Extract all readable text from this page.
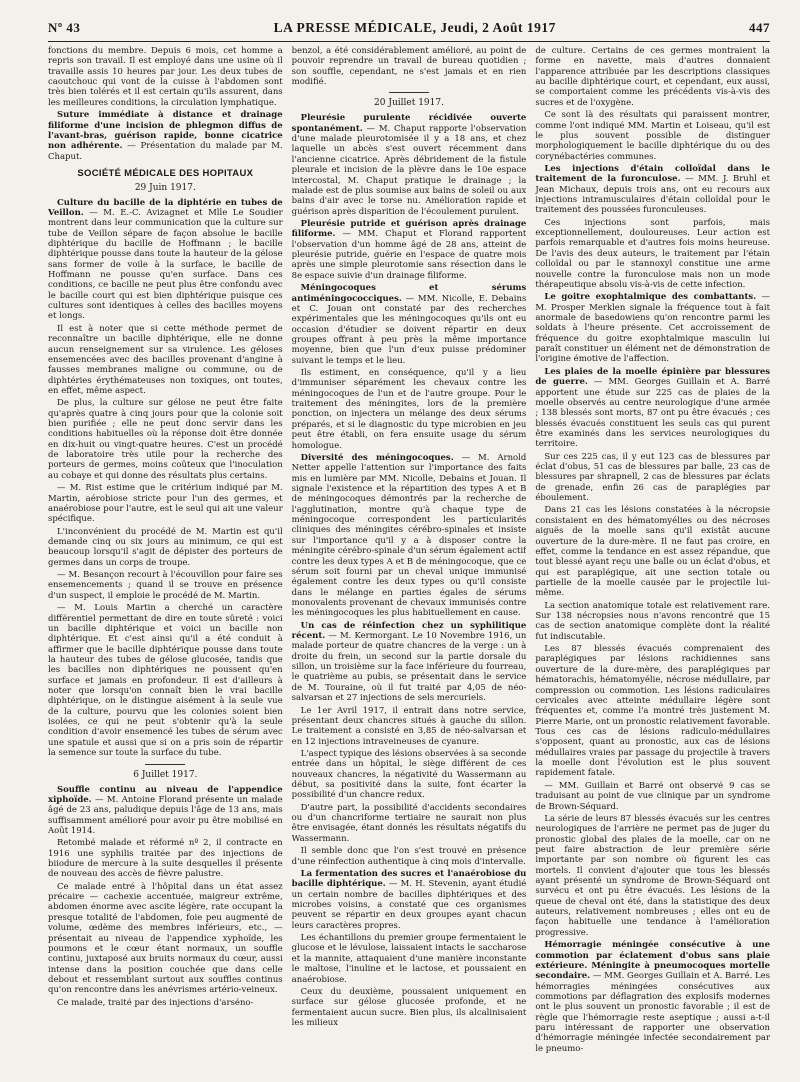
Nº 43	LA PRESSE MÉDICALE, Jeudi, 2 Août 1917	447

fonctions du membre. Depuis 6 mois, cet homme a repris son travail. Il est employé dans une usine où il travaille assis 10 heures par jour. Les deux tubes de caoutchouc qui vont de la cuisse à l'abdomen sont très bien tolérés et il est certain qu'ils assurent, dans les meilleures conditions, la circulation lymphatique.

Suture immédiate à distance et drainage filiforme d'une incision de phlegmon diffus de l'avant-bras, guérison rapide, bonne cicatrice non adhérente. — Présentation du malade par M. Chaput.

SOCIÉTÉ MÉDICALE DES HOPITAUX
29 Juin 1917.

Culture du bacille de la diphtérie en tubes de Veillon. — M. E.-C. Avizagnet et Mlle Le Soudier montrent dans leur communication que la culture sur tube de Veillon sépare de façon absolue le bacille diphtérique du bacille de Hoffmann ; le bacille diphtérique pousse dans toute la hauteur de la gélose sans former de voile à la surface, le bacille de Hoffmann ne pousse qu'en surface. Dans ces conditions, ce bacille ne peut plus être confondu avec le bacille court qui est bien diphtérique puisque ces cultures sont identiques à celles des bacilles moyens et longs.

Il est à noter que si cette méthode permet de reconnaître un bacille diphtérique, elle ne donne aucun renseignement sur sa virulence. Les géloses ensemencées avec des bacilles provenant d'angine à fausses membranes maligne ou commune, ou de diphtéries érythémateuses non toxiques, ont toutes, en effet, même aspect.

De plus, la culture sur gélose ne peut être faite qu'après quatre à cinq jours pour que la colonie soit bien purifiée ; elle ne peut donc servir dans les conditions habituelles où la réponse doit être donnée en dix-huit ou vingt-quatre heures. C'est un procédé de laboratoire très utile pour la recherche des porteurs de germes, moins coûteux que l'inoculation au cobaye et qui donne des résultats plus certains.

— M. Rist estime que le critérium indiqué par M. Martin, aérobiose stricte pour l'un des germes, et anaérobiose pour l'autre, est le seul qui ait une valeur spécifique.

L'inconvénient du procédé de M. Martin est qu'il demande cinq ou six jours au minimum, ce qui est beaucoup lorsqu'il s'agit de dépister des porteurs de germes dans un corps de troupe.

— M. Besançon recourt à l'écouvillon pour faire ses ensemencements ; quand il se trouve en présence d'un suspect, il emploie le procédé de M. Martin.

— M. Louis Martin a cherché un caractère différentiel permettant de dire en toute sûreté : voici un bacille diphtérique et voici un bacille non diphtérique. Et c'est ainsi qu'il a été conduit à affirmer que le bacille diphtérique pousse dans toute la hauteur des tubes de gélose glucosée, tandis que les bacilles non diphtériques ne poussent qu'en surface et jamais en profondeur. Il est d'ailleurs à noter que lorsqu'on connaît bien le vrai bacille diphtérique, on le distingue aisément à la seule vue de la culture, pourvu que les colonies soient bien isolées, ce qui ne peut s'obtenir qu'à la seule condition d'avoir ensemencé les tubes de sérum avec une spatule et aussi que si on a pris soin de répartir la semence sur toute la surface du tube.

6 Juillet 1917.

Souffle continu au niveau de l'appendice xiphoïde. — M. Antoine Florand présente un malade âgé de 23 ans, paludique depuis l'âge de 13 ans, mais suffisamment amélioré pour avoir pu être mobilisé en Août 1914.

Retombé malade et réformé nº 2, il contracte en 1916 une syphilis traitée par des injections de biiodure de mercure à la suite desquelles il présente de nouveau des accès de fièvre palustre.

Ce malade entré à l'hôpital dans un état assez précaire — cachexie accentuée, maigreur extrême, abdomen énorme avec ascite légère, rate occupant la presque totalité de l'abdomen, foie peu augmenté de volume, œdème des membres inférieurs, etc., — présentait au niveau de l'appendice xyphoïde, les poumons et le cœur étant normaux, un souffle continu, juxtaposé aux bruits normaux du cœur, aussi intense dans la position couchée que dans celle debout et ressemblant surtout aux souffles continus qu'on rencontre dans les anévrismes artério-veineux.

Ce malade, traité par des injections d'arséno-

benzol, a été considérablement amélioré, au point de pouvoir reprendre un travail de bureau quotidien ; son souffle, cependant, ne s'est jamais et en rien modifié.

20 Juillet 1917.

Pleurésie purulente récidivée ouverte spontanément. — M. Chaput rapporte l'observation d'une malade pleurotomisée il y a 18 ans, et chez laquelle un abcès s'est ouvert récemment dans l'ancienne cicatrice. Après débridement de la fistule pleurale et incision de la plèvre dans le 10e espace intercostal, M. Chaput pratique le drainage ; la malade est de plus soumise aux bains de soleil ou aux bains d'air avec le torse nu. Amélioration rapide et guérison après disparition de l'écoulement purulent.

Pleurésie putride et guérison après drainage filiforme. — MM. Chaput et Florand rapportent l'observation d'un homme âgé de 28 ans, atteint de pleurésie putride, guérie en l'espace de quatre mois après une simple pleurotomie sans résection dans le 8e espace suivie d'un drainage filiforme.

Méningocoques et sérums antiméningococciques. — MM. Nicolle, E. Debains et C. Jouan ont constaté par des recherches expérimentales que les méningocoques qu'ils ont eu occasion d'étudier se doivent répartir en deux groupes offrant à peu près la même importance moyenne, bien que l'un d'eux puisse prédominer suivant le temps et le lieu.

Ils estiment, en conséquence, qu'il y a lieu d'immuniser séparément les chevaux contre les méningocoques de l'un et de l'autre groupe. Pour le traitement des méningites, lors de la première ponction, on injectera un mélange des deux sérums préparés, et si le diagnostic du type microbien en jeu peut être établi, on fera ensuite usage du sérum homologue.

Diversité des méningocoques. — M. Arnold Netter appelle l'attention sur l'importance des faits mis en lumière par MM. Nicolle, Debains et Jouan. Il signale l'existence et la répartition des types A et B de méningocoques démontrés par la recherche de l'agglutination, montre qu'à chaque type de méningocoque correspondent les particularités cliniques des méningites cérébro-spinales et insiste sur l'importance qu'il y a à disposer contre la méningite cérébro-spinale d'un sérum également actif contre les deux types A et B de méningocoque, que ce sérum soit fourni par un cheval unique immunisé également contre les deux types ou qu'il consiste dans le mélange en parties égales de sérums monovalents provenant de chevaux immunisés contre les méningocoques les plus habituellement en cause.

Un cas de réinfection chez un syphilitique récent. — M. Kermorgant. Le 10 Novembre 1916, un malade porteur de quatre chancres de la verge : un à droite du frein, un second sur la partie dorsale du sillon, un troisième sur la face inférieure du fourreau, le quatrième au pubis, se présentait dans le service de M. Touraine, où il fut traité par 4,05 de néo-salvarsan et 27 injections de sels mercuriels.

Le 1er Avril 1917, il entrait dans notre service, présentant deux chancres situés à gauche du sillon. Le traitement a consisté en 3,85 de néo-salvarsan et en 12 injections intraveineuses de cyanure.

L'aspect typique des lésions observées à sa seconde entrée dans un hôpital, le siège différent de ces nouveaux chancres, la négativité du Wassermann au début, sa positivité dans la suite, font écarter la possibilité d'un chancre redux.

D'autre part, la possibilité d'accidents secondaires ou d'un chancriforme tertiaire ne saurait non plus être envisagée, étant donnés les résultats négatifs du Wassermann.

Il semble donc que l'on s'est trouvé en présence d'une réinfection authentique à cinq mois d'intervalle.

La fermentation des sucres et l'anaérobiose du bacille diphtérique. — M. H. Stevenin, ayant étudié un certain nombre de bacilles diphtériques et des microbes voisins, a constaté que ces organismes peuvent se répartir en deux groupes ayant chacun leurs caractères propres.

Les échantillons du premier groupe fermentaient le glucose et le lévulose, laissaient intacts le saccharose et la mannite, attaquaient d'une manière inconstante le maltose, l'inuline et le lactose, et poussaient en anaérobiose.

Ceux du deuxième, poussaient uniquement en surface sur gélose glucosée profonde, et ne fermentaient aucun sucre. Bien plus, ils alcalinisaient les milieux

de culture. Certains de ces germes montraient la forme en navette, mais d'autres donnaient l'apparence attribuée par les descriptions classiques au bacille diphtérique court, et cependant, eux aussi, se comportaient comme les précédents vis-à-vis des sucres et de l'oxygène.

Ce sont là des résultats qui paraissent montrer, comme l'ont indiqué MM. Martin et Loiseau, qu'il est le plus souvent possible de distinguer morphologiquement le bacille diphtérique du ou des corynébactéries communes.

Les injections d'étain colloïdal dans le traitement de la furonculose. — MM. J. Bruhl et Jean Michaux, depuis trois ans, ont eu recours aux injections intramusculaires d'étain colloïdal pour le traitement des poussées furonculeuses.

Ces injections sont parfois, mais exceptionnellement, douloureuses. Leur action est parfois remarquable et d'autres fois moins heureuse. De l'avis des deux auteurs, le traitement par l'étain colloïdal ou par le stannoxyl constitue une arme nouvelle contre la furonculose mais non un mode thérapeutique absolu vis-à-vis de cette infection.

Le goitre exophtalmique des combattants. — M. Prosper Merklen signale la fréquence tout à fait anormale de basedowiens qu'on rencontre parmi les soldats à l'heure présente. Cet accroissement de fréquence du goitre exophtalmique masculin lui paraît constituer un élément net de démonstration de l'origine émotive de l'affection.

Les plaies de la moelle épinière par blessures de guerre. — MM. Georges Guillain et A. Barré apportent une étude sur 225 cas de plaies de la moelle observés au centre neurologique d'une armée ; 138 blessés sont morts, 87 ont pu être évacués ; ces blessés évacués constituent les seuls cas qui purent être examinés dans les services neurologiques du territoire.

Sur ces 225 cas, il y eut 123 cas de blessures par éclat d'obus, 51 cas de blessures par balle, 23 cas de blessures par shrapnell, 2 cas de blessures par éclats de grenade, enfin 26 cas de paraplégies par éboulement.

Dans 21 cas les lésions constatées à la nécropsie consistaient en des hématomyélies ou des nécroses aiguës de la moelle sans qu'il existât aucune ouverture de la dure-mère. Il ne faut pas croire, en effet, comme la tendance en est assez répandue, que tout blessé ayant reçu une balle ou un éclat d'obus, et qui est paraplégique, ait une section totale ou partielle de la moelle causée par le projectile lui-même.

La section anatomique totale est relativement rare. Sur 138 nécropsies nous n'avons rencontré que 15 cas de section anatomique complète dont la réalité fut indiscutable.

Les 87 blessés évacués comprenaient des paraplégiques par lésions rachidiennes sans ouverture de la dure-mère, des paraplégiques par hématorachis, hématomyélie, nécrose médullaire, par compression ou commotion. Les lésions radiculaires cervicales avec atteinte médullaire légère sont fréquentes et, comme l'a montré très justement M. Pierre Marie, ont un pronostic relativement favorable. Tous ces cas de lésions radiculo-médullaires s'opposent, quant au pronostic, aux cas de lésions médullaires vraies par passage du projectile à travers la moelle dont l'évolution est le plus souvent rapidement fatale.

— MM. Guillain et Barré ont observé 9 cas se traduisant au point de vue clinique par un syndrome de Brown-Séquard.

La série de leurs 87 blessés évacués sur les centres neurologiques de l'arrière ne permet pas de juger du pronostic global des plaies de la moelle, car on ne peut faire abstraction de leur première série importante par son nombre où figurent les cas mortels. Il convient d'ajouter que tous les blessés ayant présenté un syndrome de Brown-Séquard ont survécu et ont pu être évacués. Les lésions de la queue de cheval ont été, dans la statistique des deux auteurs, relativement nombreuses ; elles ont eu de façon habituelle une tendance à l'amélioration progressive.

Hémorragie méningée consécutive à une commotion par éclatement d'obus sans plaie extérieure. Méningite à pneumocoques mortelle secondaire. — MM. Georges Guillain et A. Barré. Les hémorragies méningées consécutives aux commotions par déflagration des explosifs modernes ont le plus souvent un pronostic favorable ; il est de règle que l'hémorragie reste aseptique ; aussi a-t-il paru intéressant de rapporter une observation d'hémorragie méningée infectée secondairement par le pneumo-
